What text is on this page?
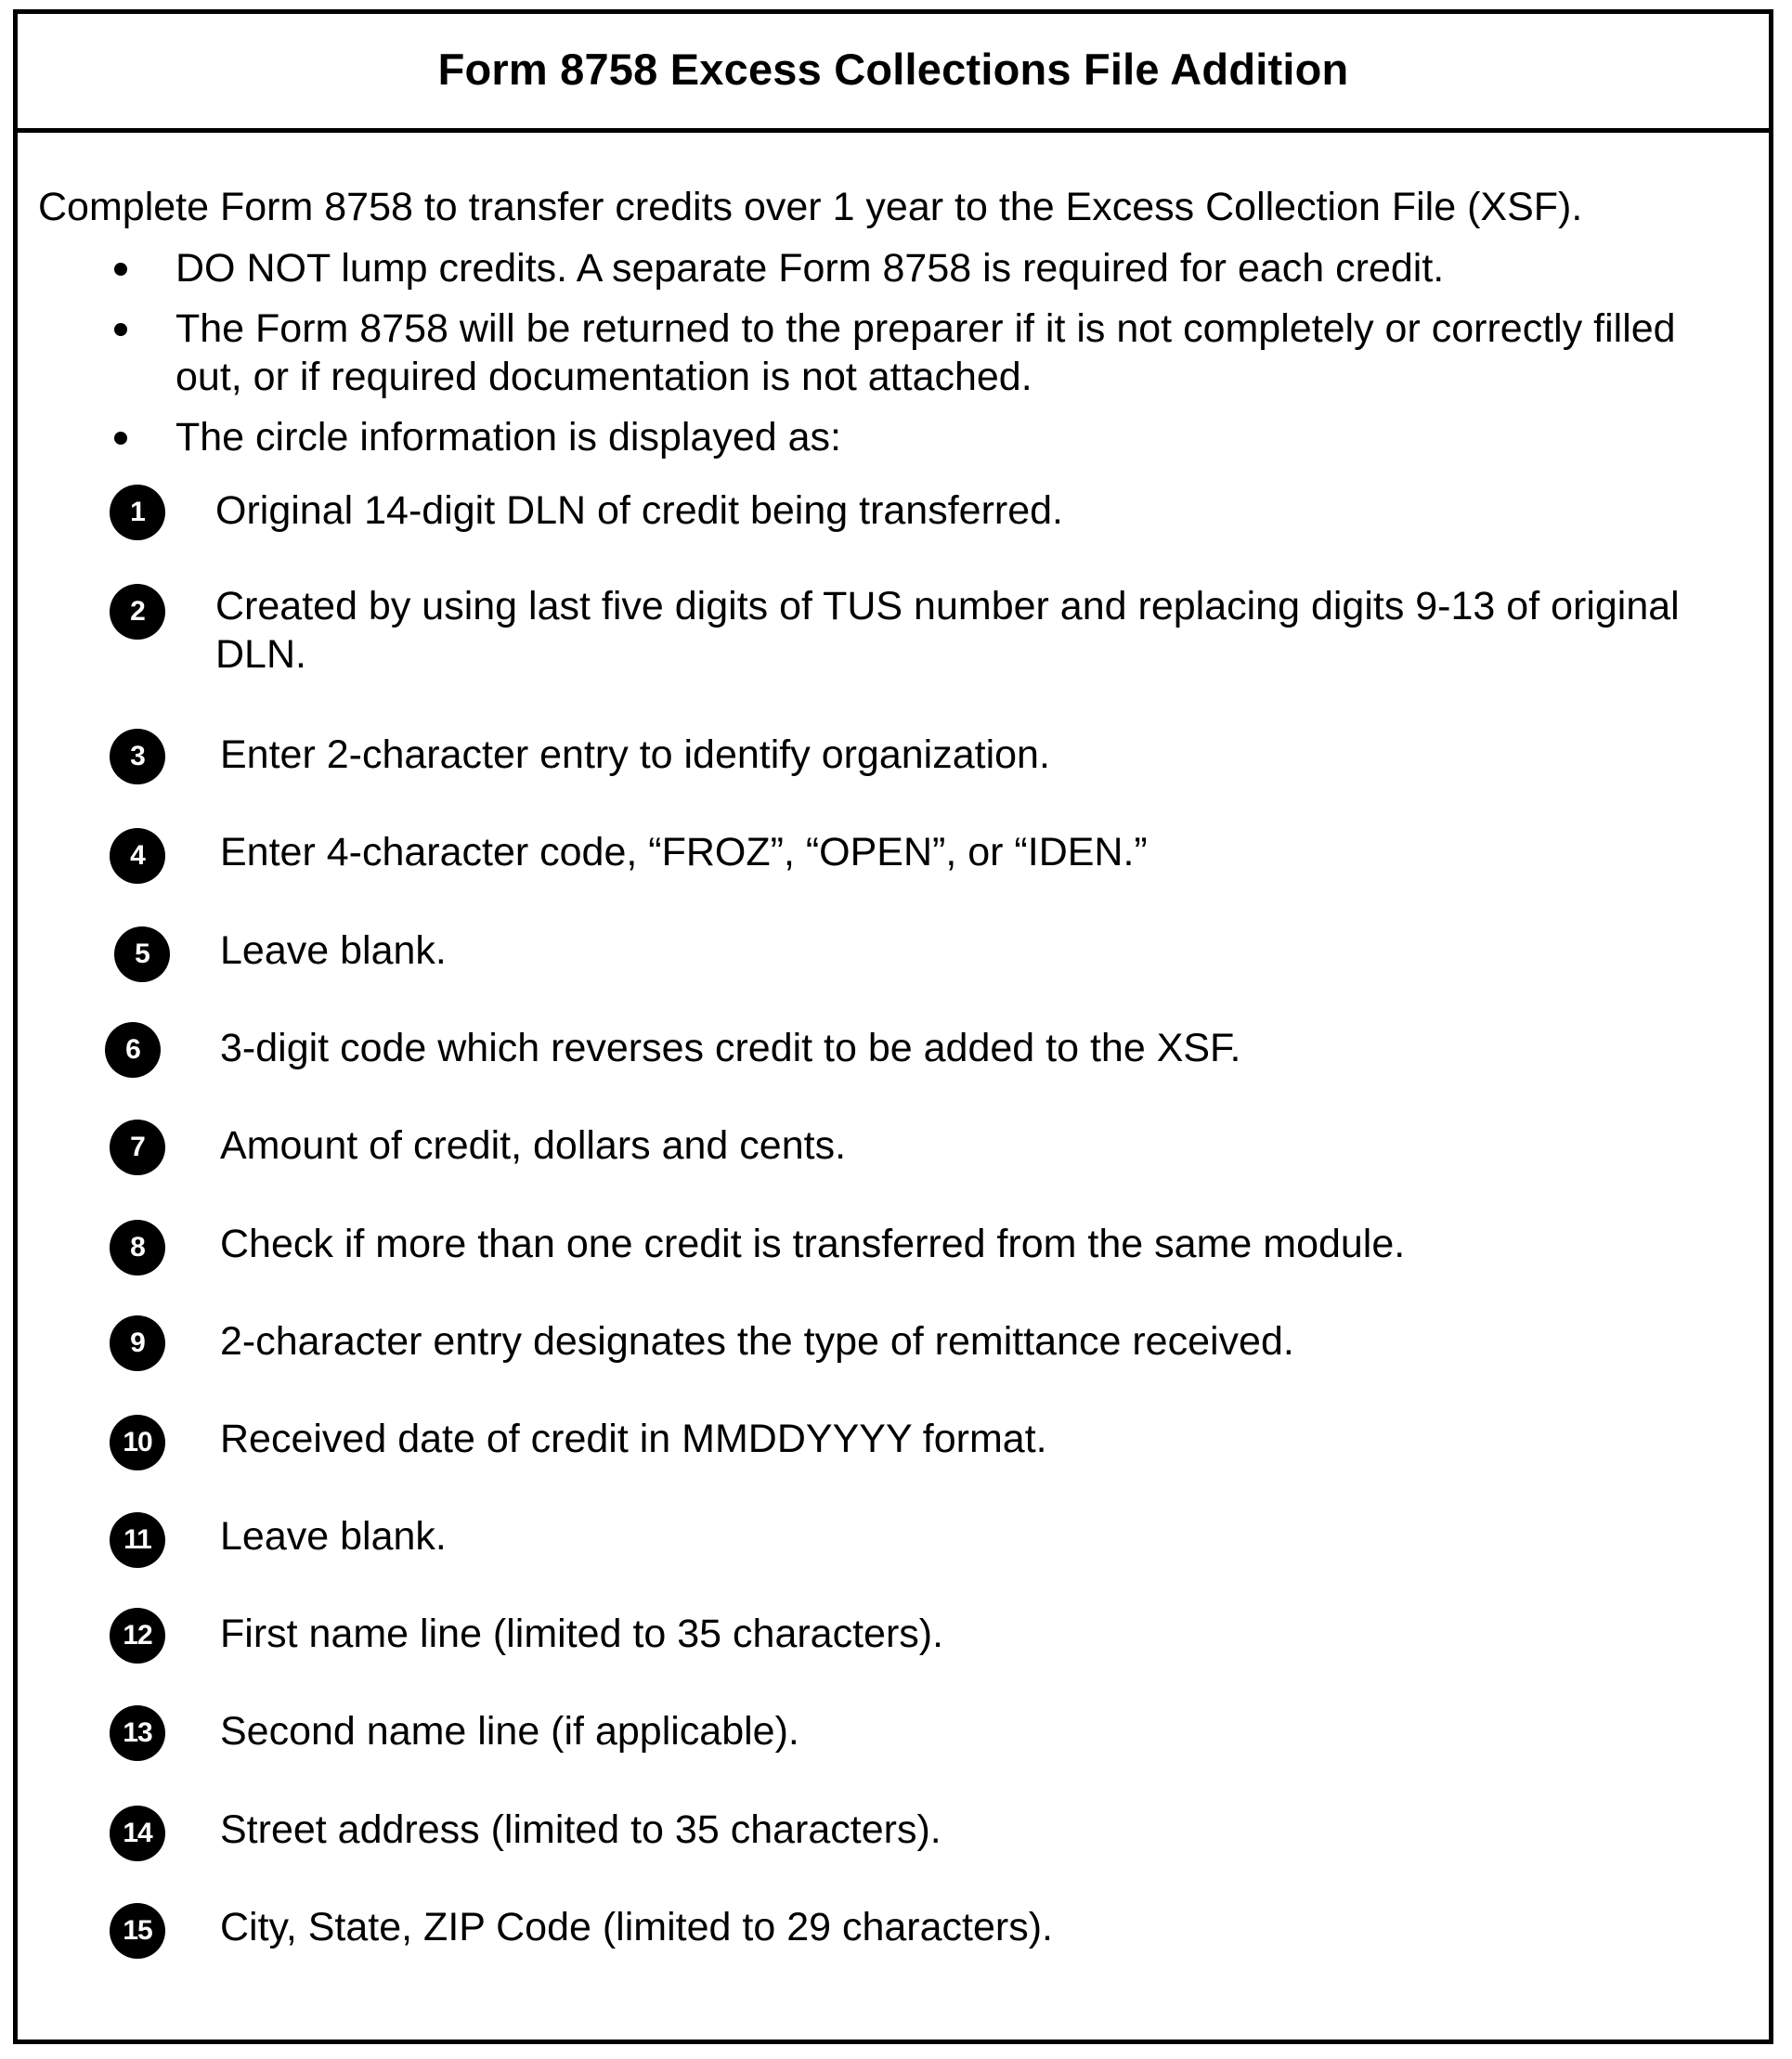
Form 8758 Excess Collections File Addition
Complete Form 8758 to transfer credits over 1 year to the Excess Collection File (XSF).
DO NOT lump credits. A separate Form 8758 is required for each credit.
The Form 8758 will be returned to the preparer if it is not completely or correctly filled out, or if required documentation is not attached.
The circle information is displayed as:
1	Original 14-digit DLN of credit being transferred.
2	Created by using last five digits of TUS number and replacing digits 9-13 of original DLN.
3	Enter 2-character entry to identify organization.
4	Enter 4-character code, “FROZ”, “OPEN”, or “IDEN.”
5	Leave blank.
6	3-digit code which reverses credit to be added to the XSF.
7	Amount of credit, dollars and cents.
8	Check if more than one credit is transferred from the same module.
9	2-character entry designates the type of remittance received.
10	Received date of credit in MMDDYYYY format.
11	Leave blank.
12	First name line (limited to 35 characters).
13	Second name line (if applicable).
14	Street address (limited to 35 characters).
15	City, State, ZIP Code (limited to 29 characters).
